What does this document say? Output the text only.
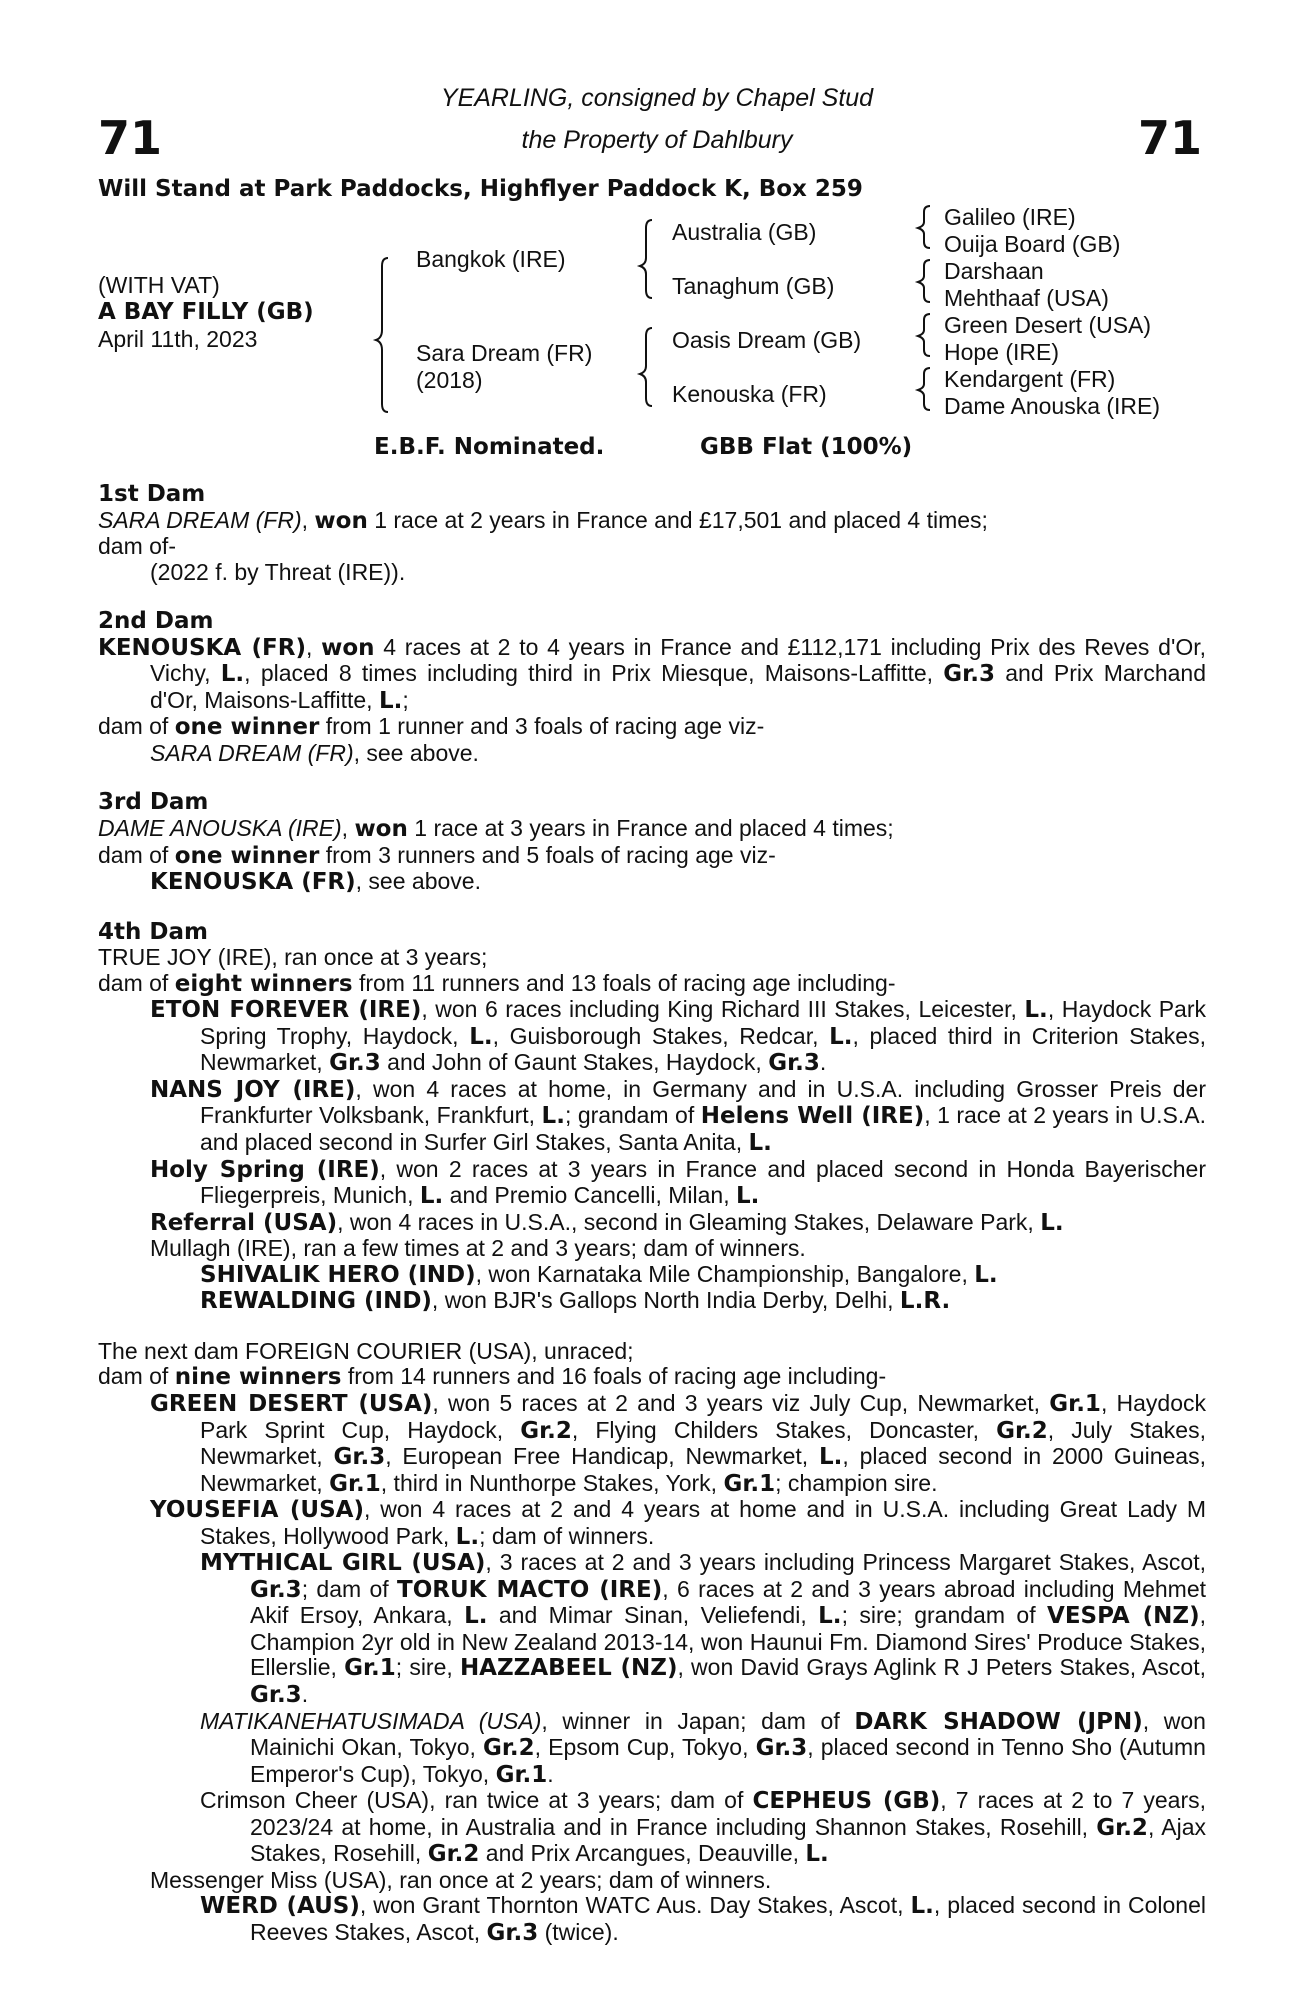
71	71
YEARLING, consigned by Chapel Stud
the Property of Dahlbury
Will Stand at Park Paddocks, Highflyer Paddock K, Box 259
(WITH VAT)
A BAY FILLY (GB)
April 11th, 2023
Bangkok (IRE)
Sara Dream (FR)
(2018)
Australia (GB)
Tanaghum (GB)
Oasis Dream (GB)
Kenouska (FR)
Galileo (IRE)
Ouija Board (GB)
Darshaan
Mehthaaf (USA)
Green Desert (USA)
Hope (IRE)
Kendargent (FR)
Dame Anouska (IRE)
E.B.F. Nominated.	GBB Flat (100%)
1st Dam
SARA DREAM (FR), won 1 race at 2 years in France and £17,501 and placed 4 times;
dam of-
(2022 f. by Threat (IRE)).
2nd Dam
KENOUSKA (FR), won 4 races at 2 to 4 years in France and £112,171 including Prix des Reves d'Or, Vichy, L., placed 8 times including third in Prix Miesque, Maisons-Laffitte, Gr.3 and Prix Marchand d'Or, Maisons-Laffitte, L.;
dam of one winner from 1 runner and 3 foals of racing age viz-
SARA DREAM (FR), see above.
3rd Dam
DAME ANOUSKA (IRE), won 1 race at 3 years in France and placed 4 times;
dam of one winner from 3 runners and 5 foals of racing age viz-
KENOUSKA (FR), see above.
4th Dam
TRUE JOY (IRE), ran once at 3 years;
dam of eight winners from 11 runners and 13 foals of racing age including-
ETON FOREVER (IRE), won 6 races including King Richard III Stakes, Leicester, L., Haydock Park Spring Trophy, Haydock, L., Guisborough Stakes, Redcar, L., placed third in Criterion Stakes, Newmarket, Gr.3 and John of Gaunt Stakes, Haydock, Gr.3.
NANS JOY (IRE), won 4 races at home, in Germany and in U.S.A. including Grosser Preis der Frankfurter Volksbank, Frankfurt, L.; grandam of Helens Well (IRE), 1 race at 2 years in U.S.A. and placed second in Surfer Girl Stakes, Santa Anita, L.
Holy Spring (IRE), won 2 races at 3 years in France and placed second in Honda Bayerischer Fliegerpreis, Munich, L. and Premio Cancelli, Milan, L.
Referral (USA), won 4 races in U.S.A., second in Gleaming Stakes, Delaware Park, L.
Mullagh (IRE), ran a few times at 2 and 3 years; dam of winners.
SHIVALIK HERO (IND), won Karnataka Mile Championship, Bangalore, L.
REWALDING (IND), won BJR's Gallops North India Derby, Delhi, L.R.
The next dam FOREIGN COURIER (USA), unraced;
dam of nine winners from 14 runners and 16 foals of racing age including-
GREEN DESERT (USA), won 5 races at 2 and 3 years viz July Cup, Newmarket, Gr.1, Haydock Park Sprint Cup, Haydock, Gr.2, Flying Childers Stakes, Doncaster, Gr.2, July Stakes, Newmarket, Gr.3, European Free Handicap, Newmarket, L., placed second in 2000 Guineas, Newmarket, Gr.1, third in Nunthorpe Stakes, York, Gr.1; champion sire.
YOUSEFIA (USA), won 4 races at 2 and 4 years at home and in U.S.A. including Great Lady M Stakes, Hollywood Park, L.; dam of winners.
MYTHICAL GIRL (USA), 3 races at 2 and 3 years including Princess Margaret Stakes, Ascot, Gr.3; dam of TORUK MACTO (IRE), 6 races at 2 and 3 years abroad including Mehmet Akif Ersoy, Ankara, L. and Mimar Sinan, Veliefendi, L.; sire; grandam of VESPA (NZ), Champion 2yr old in New Zealand 2013-14, won Haunui Fm. Diamond Sires' Produce Stakes, Ellerslie, Gr.1; sire, HAZZABEEL (NZ), won David Grays Aglink R J Peters Stakes, Ascot, Gr.3.
MATIKANEHATUSIMADA (USA), winner in Japan; dam of DARK SHADOW (JPN), won Mainichi Okan, Tokyo, Gr.2, Epsom Cup, Tokyo, Gr.3, placed second in Tenno Sho (Autumn Emperor's Cup), Tokyo, Gr.1.
Crimson Cheer (USA), ran twice at 3 years; dam of CEPHEUS (GB), 7 races at 2 to 7 years, 2023/24 at home, in Australia and in France including Shannon Stakes, Rosehill, Gr.2, Ajax Stakes, Rosehill, Gr.2 and Prix Arcangues, Deauville, L.
Messenger Miss (USA), ran once at 2 years; dam of winners.
WERD (AUS), won Grant Thornton WATC Aus. Day Stakes, Ascot, L., placed second in Colonel Reeves Stakes, Ascot, Gr.3 (twice).
